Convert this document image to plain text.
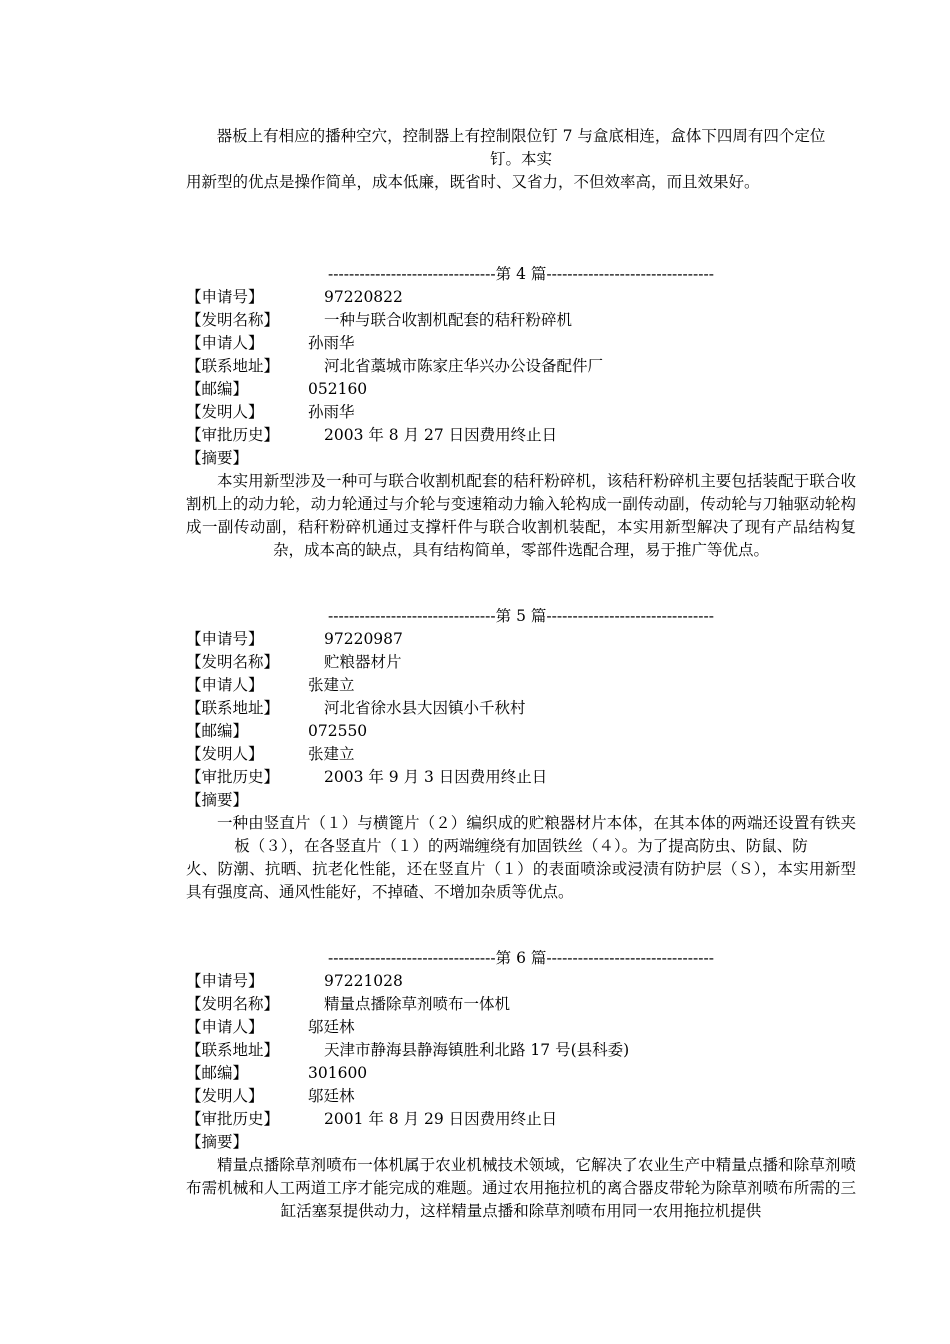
器板上有相应的播种空穴，控制器上有控制限位钉 7 与盒底相连，盒体下四周有四个定位

钉。本实

用新型的优点是操作简单，成本低廉，既省时、又省力，不但效率高，而且效果好。

--------------------------------第 4 篇--------------------------------
【申请号】	97220822
【发明名称】	一种与联合收割机配套的秸秆粉碎机
【申请人】	孙雨华
【联系地址】	河北省藁城市陈家庄华兴办公设备配件厂
【邮编】	052160
【发明人】	孙雨华
【审批历史】	2003 年 8 月 27 日因费用终止日
【摘要】

本实用新型涉及一种可与联合收割机配套的秸秆粉碎机，该秸秆粉碎机主要包括装配于联合收割机上的动力轮，动力轮通过与介轮与变速箱动力输入轮构成一副传动副，传动轮与刀轴驱动轮构成一副传动副，秸秆粉碎机通过支撑杆件与联合收割机装配，本实用新型解决了现有产品结构复杂，成本高的缺点，具有结构简单，零部件选配合理，易于推广等优点。

--------------------------------第 5 篇--------------------------------
【申请号】	97220987
【发明名称】	贮粮器材片
【申请人】	张建立
【联系地址】	河北省徐水县大因镇小千秋村
【邮编】	072550
【发明人】	张建立
【审批历史】	2003 年 9 月 3 日因费用终止日
【摘要】

一种由竖直片（１）与横篦片（２）编织成的贮粮器材片本体，在其本体的两端还设置有铁夹板（３），在各竖直片（１）的两端缠绕有加固铁丝（４）。为了提高防虫、防鼠、防

火、防潮、抗晒、抗老化性能，还在竖直片（１）的表面喷涂或浸渍有防护层（Ｓ），本实用新型具有强度高、通风性能好，不掉碴、不增加杂质等优点。

--------------------------------第 6 篇--------------------------------
【申请号】	97221028
【发明名称】	精量点播除草剂喷布一体机
【申请人】	邬廷林
【联系地址】	天津市静海县静海镇胜利北路 17 号(县科委)
【邮编】	301600
【发明人】	邬廷林
【审批历史】	2001 年 8 月 29 日因费用终止日
【摘要】

精量点播除草剂喷布一体机属于农业机械技术领域，它解决了农业生产中精量点播和除草剂喷布需机械和人工两道工序才能完成的难题。通过农用拖拉机的离合器皮带轮为除草剂喷布所需的三缸活塞泵提供动力，这样精量点播和除草剂喷布用同一农用拖拉机提供
